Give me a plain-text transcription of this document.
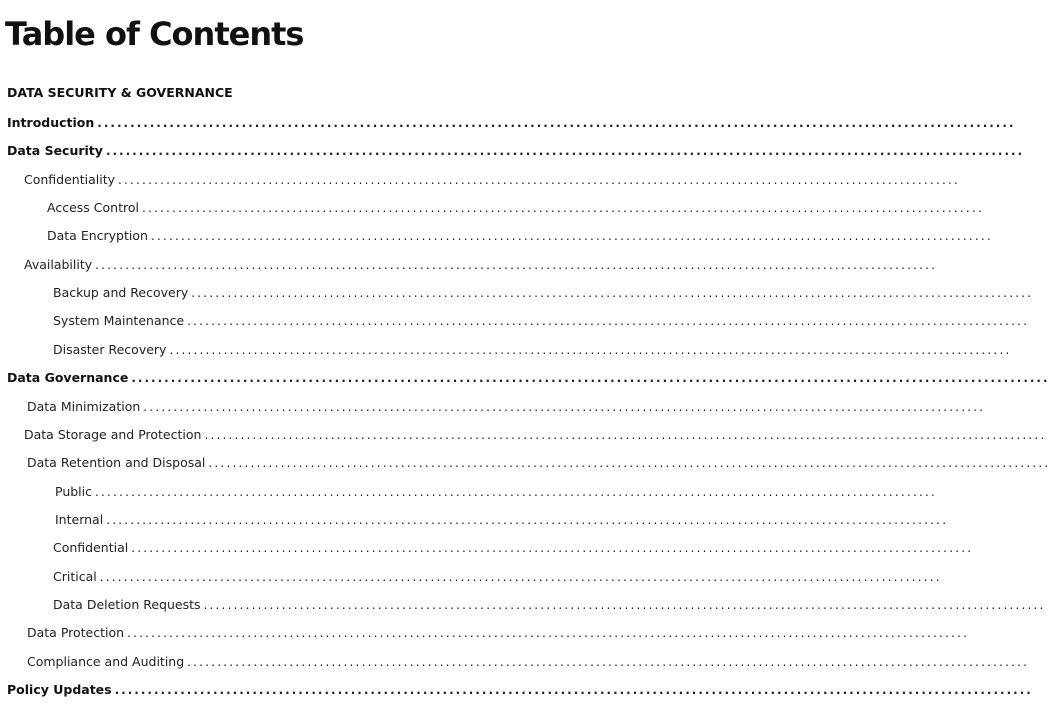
Table of Contents
DATA SECURITY & GOVERNANCE
Introduction ............................................................................................................................................
Data Security ............................................................................................................................................
Confidentiality ............................................................................................................................................
Access Control ............................................................................................................................................
Data Encryption ............................................................................................................................................
Availability ............................................................................................................................................
Backup and Recovery ............................................................................................................................................
System Maintenance ............................................................................................................................................
Disaster Recovery ............................................................................................................................................
Data Governance ............................................................................................................................................
Data Minimization ............................................................................................................................................
Data Storage and Protection ............................................................................................................................................
Data Retention and Disposal ............................................................................................................................................
Public ............................................................................................................................................
Internal ............................................................................................................................................
Confidential ............................................................................................................................................
Critical ............................................................................................................................................
Data Deletion Requests ............................................................................................................................................
Data Protection ............................................................................................................................................
Compliance and Auditing ............................................................................................................................................
Policy Updates ............................................................................................................................................
